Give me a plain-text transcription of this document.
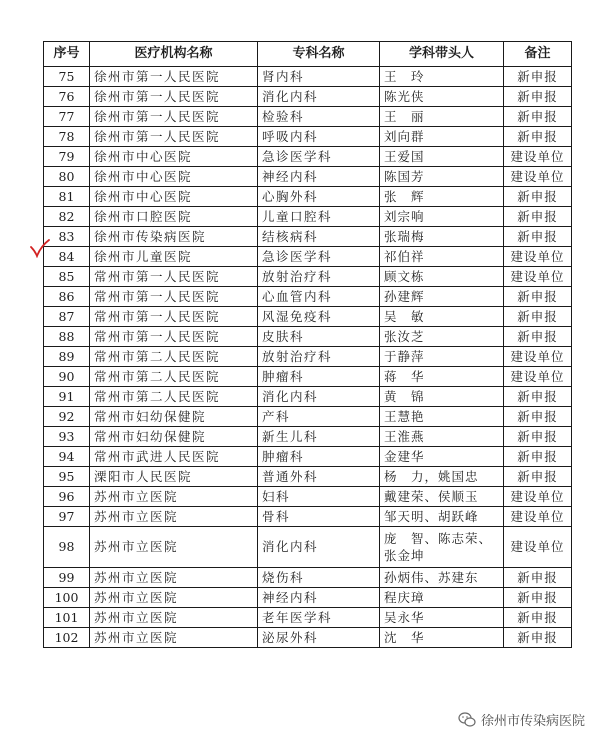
序号	医疗机构名称	专科名称	学科带头人	备注
75	徐州市第一人民医院	肾内科	王　玲	新申报
76	徐州市第一人民医院	消化内科	陈光侠	新申报
77	徐州市第一人民医院	检验科	王　丽	新申报
78	徐州市第一人民医院	呼吸内科	刘向群	新申报
79	徐州市中心医院	急诊医学科	王爱国	建设单位
80	徐州市中心医院	神经内科	陈国芳	建设单位
81	徐州市中心医院	心胸外科	张　辉	新申报
82	徐州市口腔医院	儿童口腔科	刘宗响	新申报
83	徐州市传染病医院	结核病科	张瑞梅	新申报
84	徐州市儿童医院	急诊医学科	祁伯祥	建设单位
85	常州市第一人民医院	放射治疗科	顾文栋	建设单位
86	常州市第一人民医院	心血管内科	孙建辉	新申报
87	常州市第一人民医院	风湿免疫科	吴　敏	新申报
88	常州市第一人民医院	皮肤科	张汝芝	新申报
89	常州市第二人民医院	放射治疗科	于静萍	建设单位
90	常州市第二人民医院	肿瘤科	蒋　华	建设单位
91	常州市第二人民医院	消化内科	黄　锦	新申报
92	常州市妇幼保健院	产科	王慧艳	新申报
93	常州市妇幼保健院	新生儿科	王淮燕	新申报
94	常州市武进人民医院	肿瘤科	金建华	新申报
95	溧阳市人民医院	普通外科	杨　力，姚国忠	新申报
96	苏州市立医院	妇科	戴建荣、侯顺玉	建设单位
97	苏州市立医院	骨科	邹天明、胡跃峰	建设单位
98	苏州市立医院	消化内科	庞　智、陈志荣、张金坤	建设单位
99	苏州市立医院	烧伤科	孙炳伟、苏建东	新申报
100	苏州市立医院	神经内科	程庆璋	新申报
101	苏州市立医院	老年医学科	吴永华	新申报
102	苏州市立医院	泌尿外科	沈　华	新申报
徐州市传染病医院
